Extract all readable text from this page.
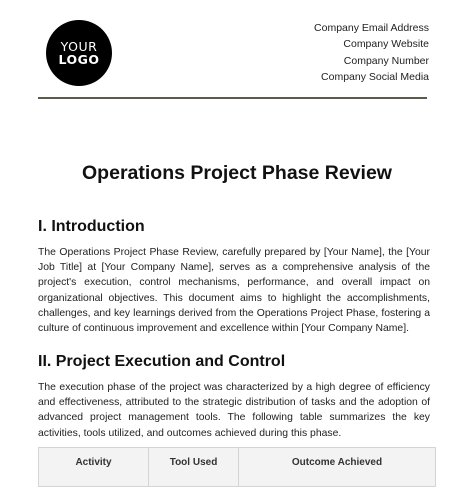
YOUR
LOGO
Company Email Address
Company Website
Company Number
Company Social Media
Operations Project Phase Review
I. Introduction
The Operations Project Phase Review, carefully prepared by [Your Name], the [Your Job Title] at [Your Company Name], serves as a comprehensive analysis of the project's execution, control mechanisms, performance, and overall impact on organizational objectives. This document aims to highlight the accomplishments, challenges, and key learnings derived from the Operations Project Phase, fostering a culture of continuous improvement and excellence within [Your Company Name].
II. Project Execution and Control
The execution phase of the project was characterized by a high degree of efficiency and effectiveness, attributed to the strategic distribution of tasks and the adoption of advanced project management tools. The following table summarizes the key activities, tools utilized, and outcomes achieved during this phase.
Activity	Tool Used	Outcome Achieved
